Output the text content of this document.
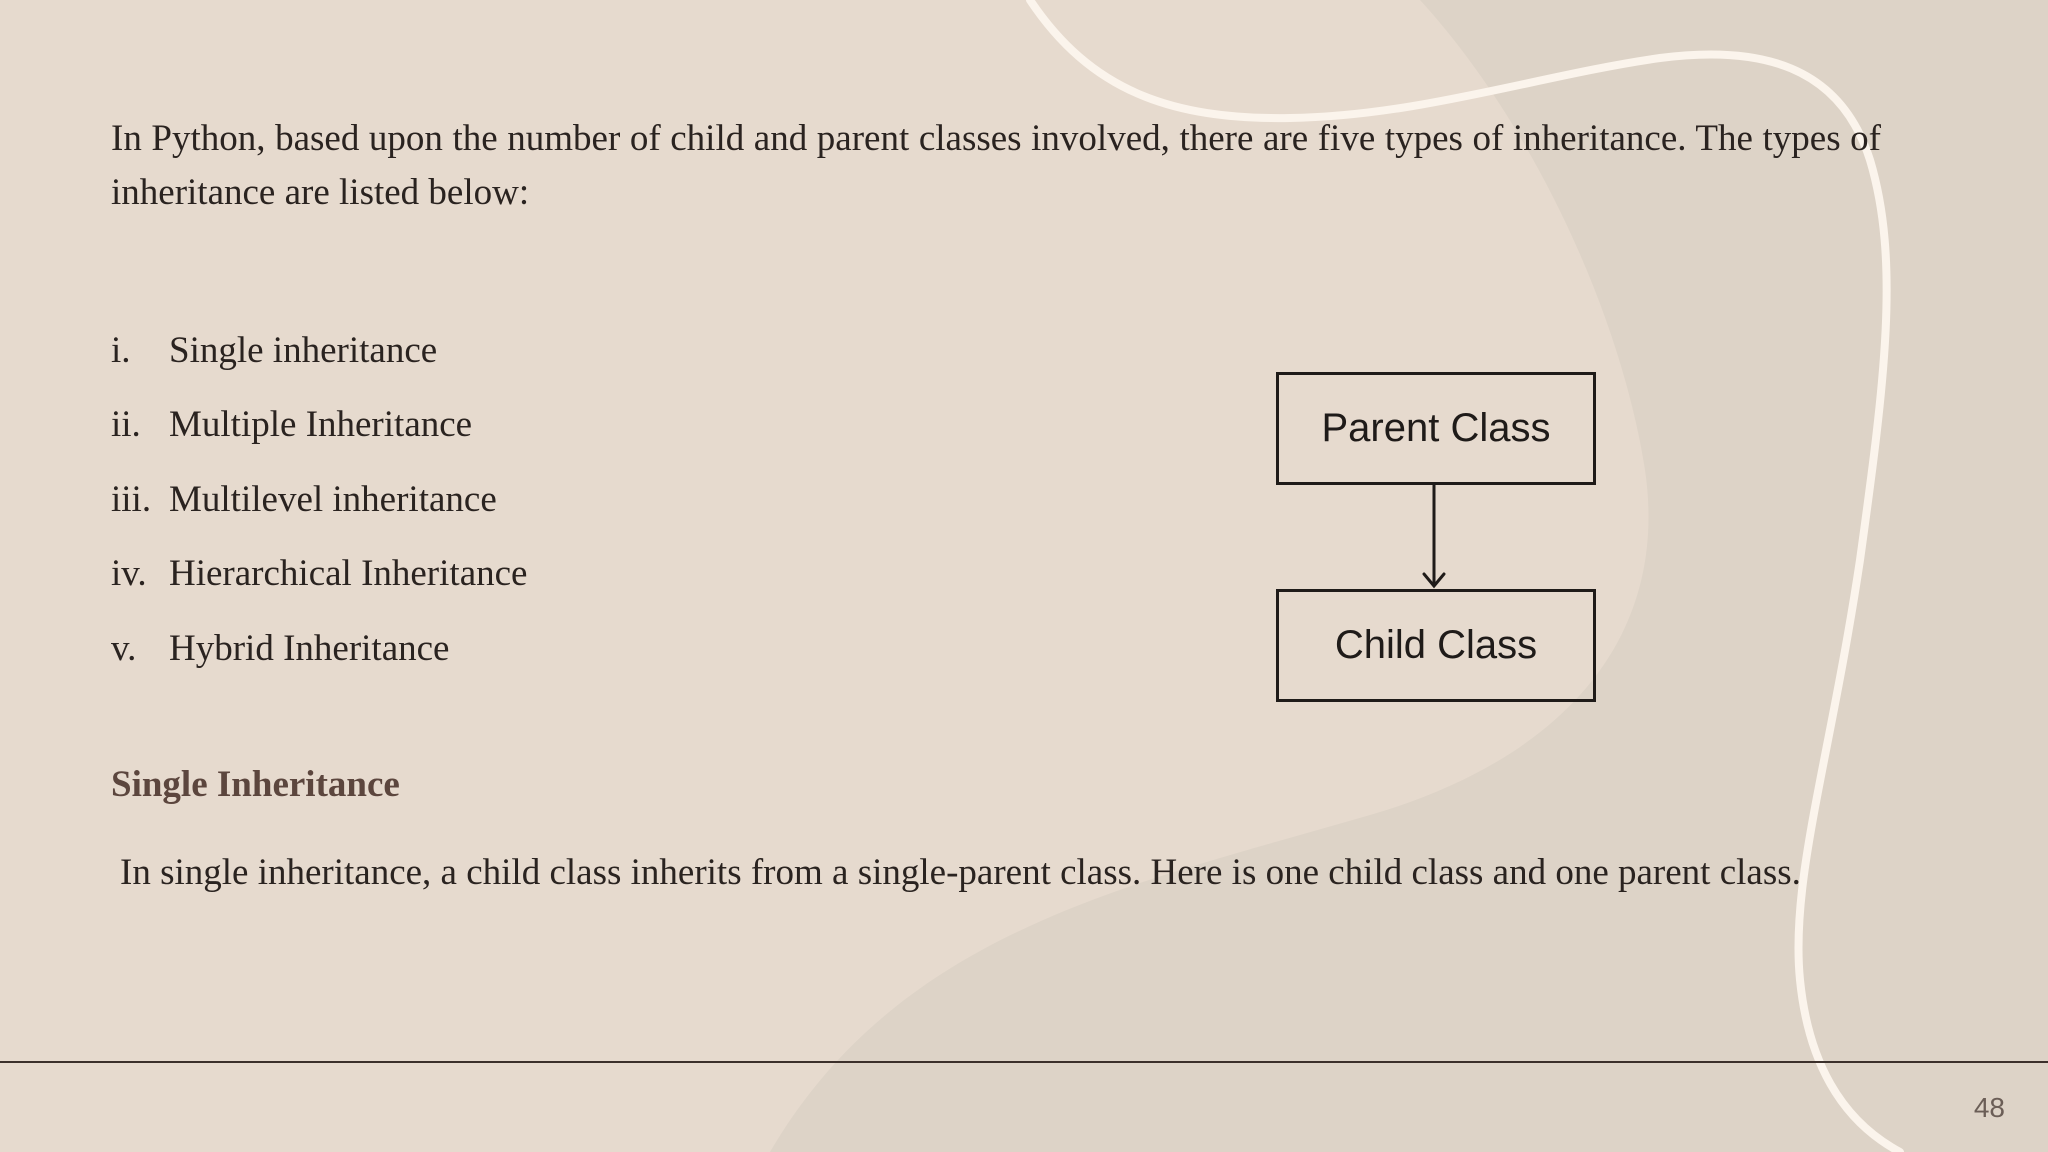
In Python, based upon the number of child and parent classes involved, there are five types of inheritance. The types of inheritance are listed below:

i.	Single inheritance
ii. Multiple Inheritance
iii. Multilevel inheritance
iv. Hierarchical Inheritance
v. Hybrid Inheritance
Parent Class
Child Class
Single Inheritance

In single inheritance, a child class inherits from a single-parent class. Here is one child class and one parent class.

48
